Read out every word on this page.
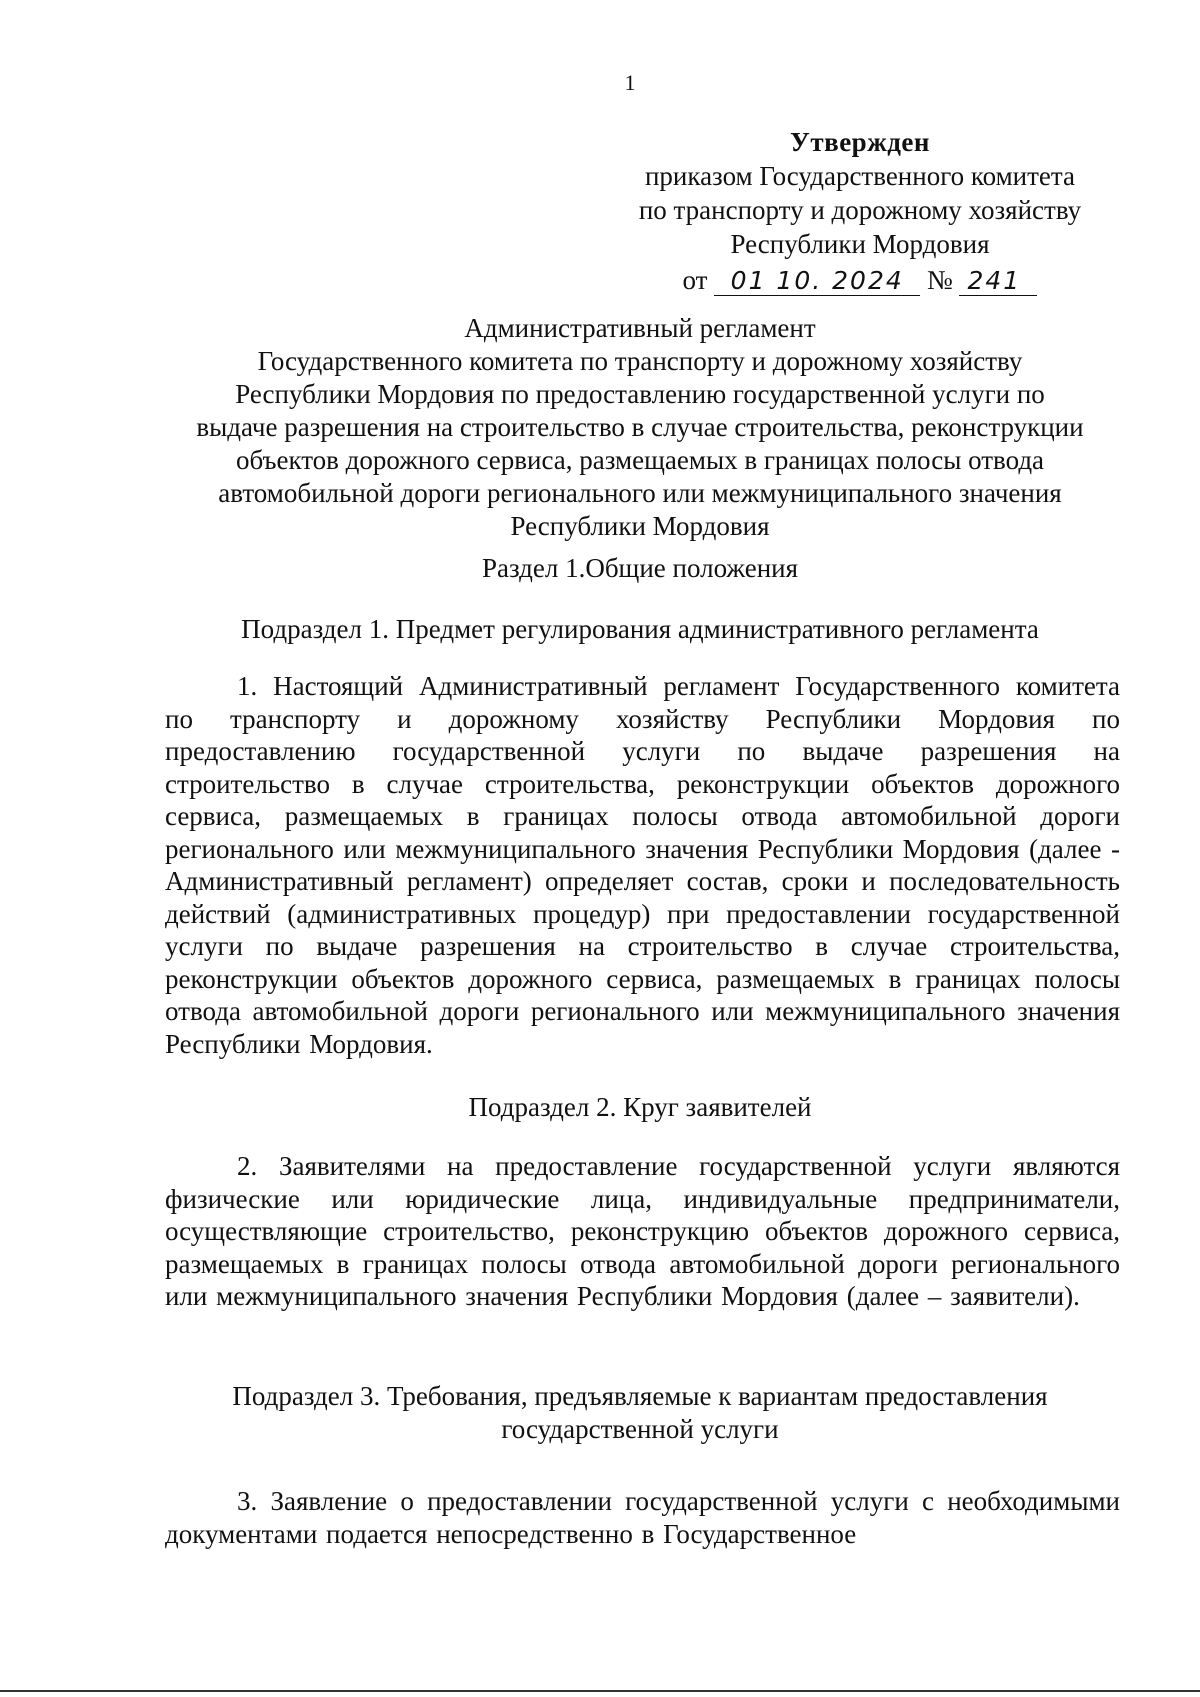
1
Утвержден
приказом Государственного комитета
по транспорту и дорожному хозяйству
Республики Мордовия
от 01 10. 2024 № 241
Административный регламент
Государственного комитета по транспорту и дорожному хозяйству
Республики Мордовия по предоставлению государственной услуги по
выдаче разрешения на строительство в случае строительства, реконструкции
объектов дорожного сервиса, размещаемых в границах полосы отвода
автомобильной дороги регионального или межмуниципального значения
Республики Мордовия
Раздел 1.Общие положения
Подраздел 1. Предмет регулирования административного регламента
1. Настоящий Административный регламент Государственного комитета по транспорту и дорожному хозяйству Республики Мордовия по предоставлению государственной услуги по выдаче разрешения на строительство в случае строительства, реконструкции объектов дорожного сервиса, размещаемых в границах полосы отвода автомобильной дороги регионального или межмуниципального значения Республики Мордовия (далее - Административный регламент) определяет состав, сроки и последовательность действий (административных процедур) при предоставлении государственной услуги по выдаче разрешения на строительство в случае строительства, реконструкции объектов дорожного сервиса, размещаемых в границах полосы отвода автомобильной дороги регионального или межмуниципального значения Республики Мордовия.
Подраздел 2. Круг заявителей
2. Заявителями на предоставление государственной услуги являются физические или юридические лица, индивидуальные предприниматели, осуществляющие строительство, реконструкцию объектов дорожного сервиса, размещаемых в границах полосы отвода автомобильной дороги регионального или межмуниципального значения Республики Мордовия (далее – заявители).
Подраздел 3. Требования, предъявляемые к вариантам предоставления
государственной услуги
3. Заявление о предоставлении государственной услуги с необходимыми документами подается непосредственно в Государственное
